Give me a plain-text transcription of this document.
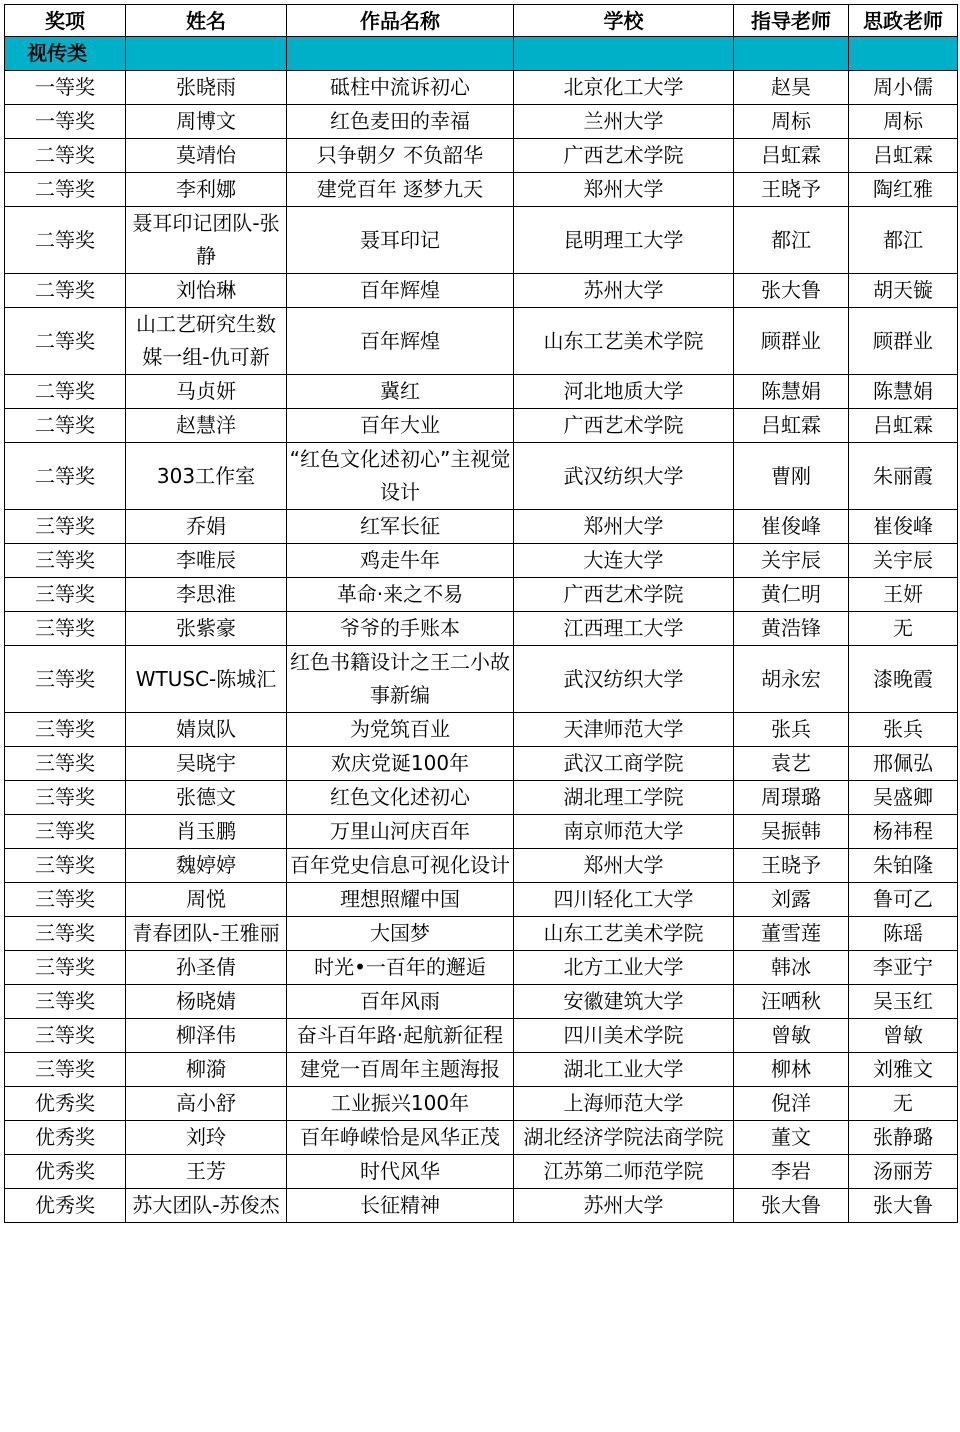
奖项	姓名	作品名称	学校	指导老师	思政老师
视传类					
一等奖	张晓雨	砥柱中流诉初心	北京化工大学	赵昊	周小儒
一等奖	周博文	红色麦田的幸福	兰州大学	周标	周标
二等奖	莫靖怡	只争朝夕 不负韶华	广西艺术学院	吕虹霖	吕虹霖
二等奖	李利娜	建党百年 逐梦九天	郑州大学	王晓予	陶红雅
二等奖	聂耳印记团队-张静	聂耳印记	昆明理工大学	都江	都江
二等奖	刘怡琳	百年辉煌	苏州大学	张大鲁	胡天镟
二等奖	山工艺研究生数媒一组-仇可新	百年辉煌	山东工艺美术学院	顾群业	顾群业
二等奖	马贞妍	冀红	河北地质大学	陈慧娟	陈慧娟
二等奖	赵慧洋	百年大业	广西艺术学院	吕虹霖	吕虹霖
二等奖	303工作室	“红色文化述初心”主视觉设计	武汉纺织大学	曹刚	朱丽霞
三等奖	乔娟	红军长征	郑州大学	崔俊峰	崔俊峰
三等奖	李唯辰	鸡走牛年	大连大学	关宇辰	关宇辰
三等奖	李思淮	革命·来之不易	广西艺术学院	黄仁明	王妍
三等奖	张紫豪	爷爷的手账本	江西理工大学	黄浩锋	无
三等奖	WTUSC-陈城汇	红色书籍设计之王二小故事新编	武汉纺织大学	胡永宏	漆晚霞
三等奖	婧岚队	为党筑百业	天津师范大学	张兵	张兵
三等奖	吴晓宇	欢庆党诞100年	武汉工商学院	袁艺	邢佩弘
三等奖	张德文	红色文化述初心	湖北理工学院	周璟璐	吴盛卿
三等奖	肖玉鹏	万里山河庆百年	南京师范大学	吴振韩	杨祎程
三等奖	魏婷婷	百年党史信息可视化设计	郑州大学	王晓予	朱铂隆
三等奖	周悦	理想照耀中国	四川轻化工大学	刘露	鲁可乙
三等奖	青春团队-王雅丽	大国梦	山东工艺美术学院	董雪莲	陈瑶
三等奖	孙圣倩	时光•一百年的邂逅	北方工业大学	韩冰	李亚宁
三等奖	杨晓婧	百年风雨	安徽建筑大学	汪哂秋	吴玉红
三等奖	柳泽伟	奋斗百年路·起航新征程	四川美术学院	曾敏	曾敏
三等奖	柳漪	建党一百周年主题海报	湖北工业大学	柳林	刘雅文
优秀奖	高小舒	工业振兴100年	上海师范大学	倪洋	无
优秀奖	刘玲	百年峥嵘恰是风华正茂	湖北经济学院法商学院	董文	张静璐
优秀奖	王芳	时代风华	江苏第二师范学院	李岩	汤丽芳
优秀奖	苏大团队-苏俊杰	长征精神	苏州大学	张大鲁	张大鲁
